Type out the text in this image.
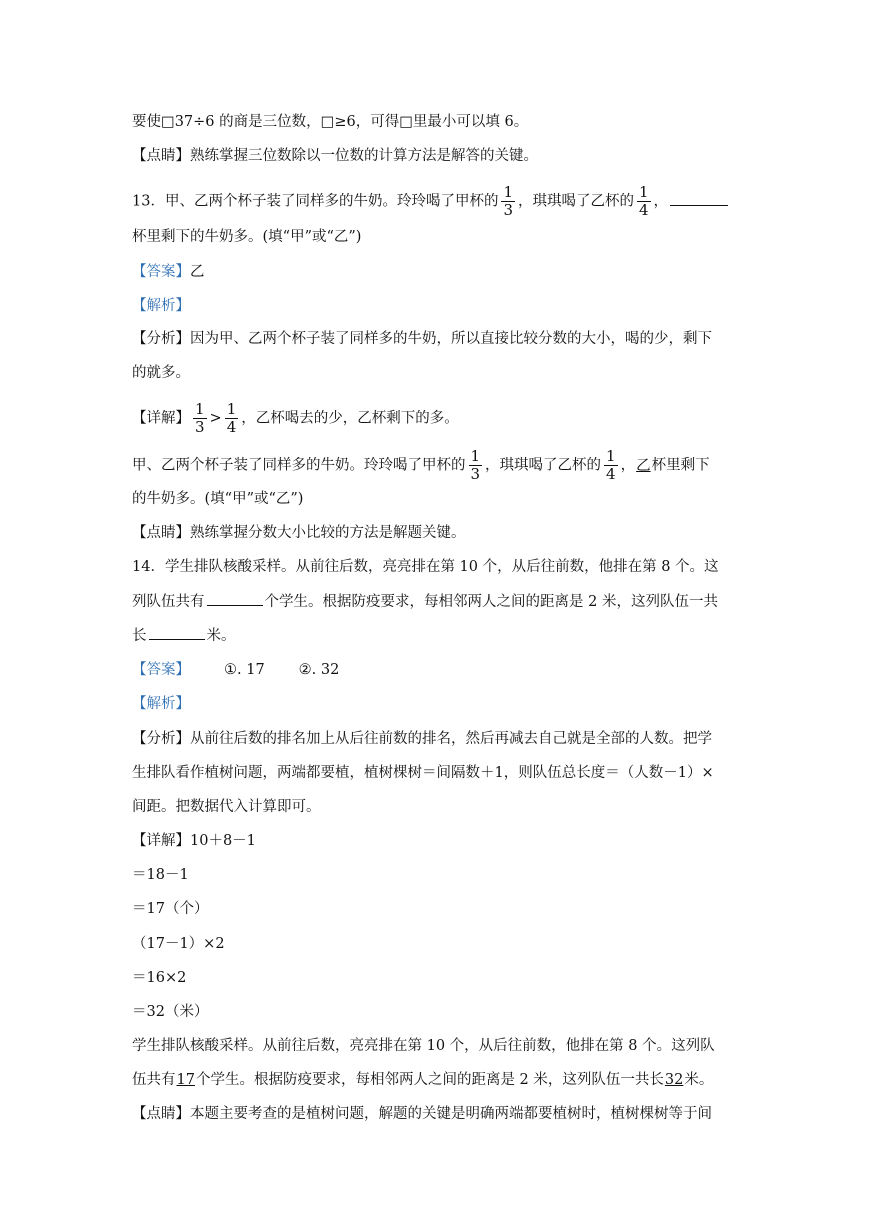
要使□37÷6 的商是三位数，□≥6，可得□里最小可以填 6。
【点睛】熟练掌握三位数除以一位数的计算方法是解答的关键。
13．甲、乙两个杯子装了同样多的牛奶。玲玲喝了甲杯的 $\frac{1}{3}$ ，琪琪喝了乙杯的 $\frac{1}{4}$ ，
杯里剩下的牛奶多。(填“甲”或“乙”)
【答案】乙
【解析】
【分析】因为甲、乙两个杯子装了同样多的牛奶，所以直接比较分数的大小，喝的少，剩下
的就多。
【详解】 $\frac{1}{3} > \frac{1}{4}$ ，乙杯喝去的少，乙杯剩下的多。
甲、乙两个杯子装了同样多的牛奶。玲玲喝了甲杯的 $\frac{1}{3}$ ，琪琪喝了乙杯的 $\frac{1}{4}$ ，乙杯里剩下
的牛奶多。(填“甲”或“乙”)
【点睛】熟练掌握分数大小比较的方法是解题关键。
14．学生排队核酸采样。从前往后数，亮亮排在第 10 个，从后往前数，他排在第 8 个。这
列队伍共有	个学生。根据防疫要求，每相邻两人之间的距离是 2 米，这列队伍一共
长	米。
【答案】 ①. 17 ②. 32
【解析】
【分析】从前往后数的排名加上从后往前数的排名，然后再减去自己就是全部的人数。把学
生排队看作植树问题，两端都要植，植树棵树＝间隔数＋1，则队伍总长度＝（人数－1）×
间距。把数据代入计算即可。
【详解】10＋8－1
＝18－1
＝17（个）
（17－1）×2
＝16×2
＝32（米）
学生排队核酸采样。从前往后数，亮亮排在第 10 个，从后往前数，他排在第 8 个。这列队
伍共有17个学生。根据防疫要求，每相邻两人之间的距离是 2 米，这列队伍一共长32米。
【点睛】本题主要考查的是植树问题，解题的关键是明确两端都要植树时，植树棵树等于间
